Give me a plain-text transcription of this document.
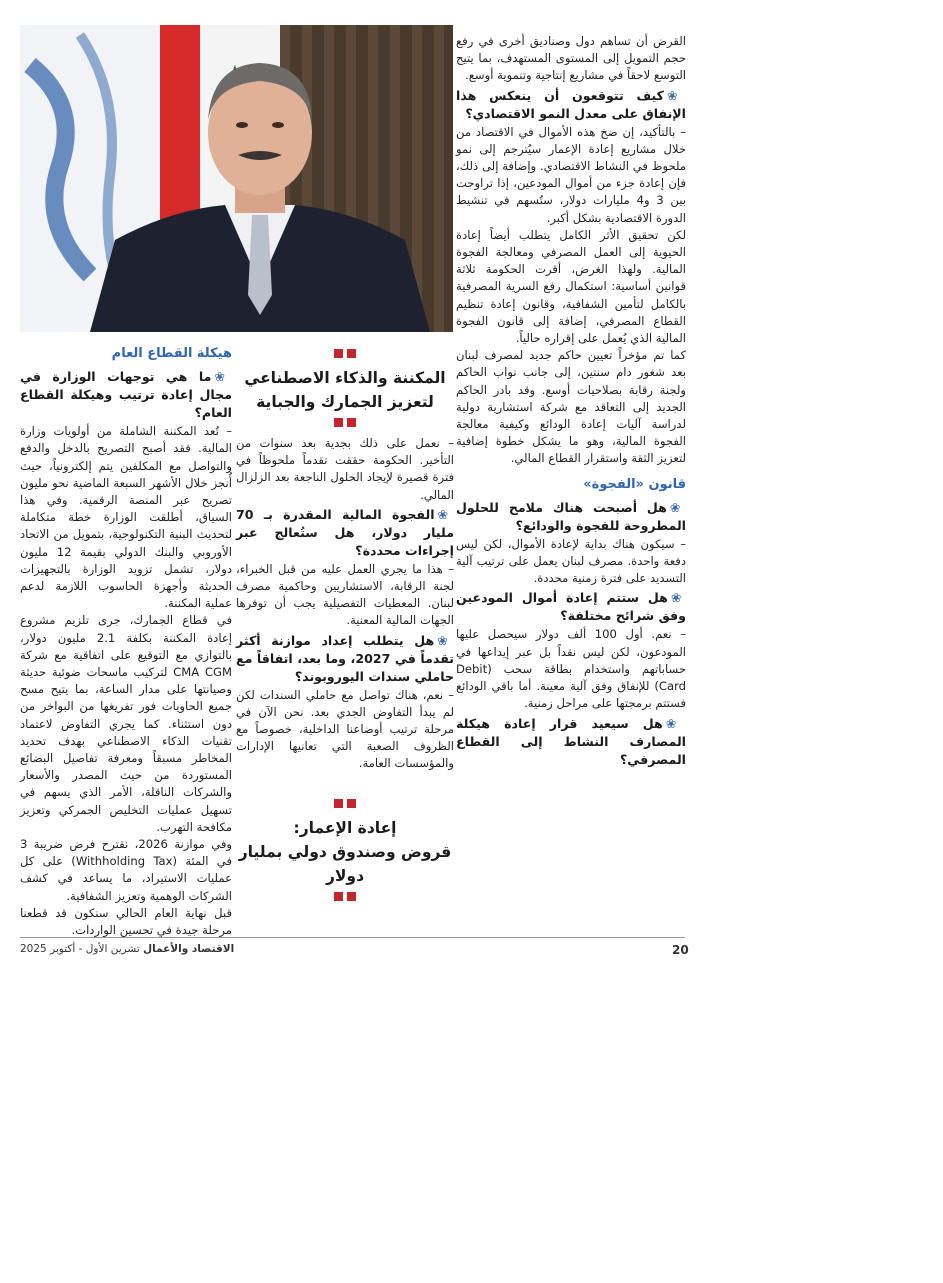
القرض أن تساهم دول وصناديق أخرى في رفع حجم التمويل إلى المستوى المستهدف، بما يتيح التوسع لاحقاً في مشاريع إنتاجية وتنموية أوسع.

❀كيف تتوقعون أن ينعكس هذا الإنفاق على معدل النمو الاقتصادي؟

– بالتأكيد، إن ضخ هذه الأموال في الاقتصاد من خلال مشاريع إعادة الإعمار سيُترجم إلى نمو ملحوظ في النشاط الاقتصادي. وإضافة إلى ذلك، فإن إعادة جزء من أموال المودعين، إذا تراوحت بين 3 و4 مليارات دولار، ستُسهم في تنشيط الدورة الاقتصادية بشكل أكبر.

لكن تحقيق الأثر الكامل يتطلب أيضاً إعادة الحيوية إلى العمل المصرفي ومعالجة الفجوة المالية. ولهذا الغرض، أقرت الحكومة ثلاثة قوانين أساسية: استكمال رفع السرية المصرفية بالكامل لتأمين الشفافية، وقانون إعادة تنظيم القطاع المصرفي، إضافة إلى قانون الفجوة المالية الذي يُعمل على إقراره حالياً.

كما تم مؤخراً تعيين حاكم جديد لمصرف لبنان بعد شغور دام سنتين، إلى جانب نواب الحاكم ولجنة رقابة بصلاحيات أوسع. وقد بادر الحاكم الجديد إلى التعاقد مع شركة استشارية دولية لدراسة آليات إعادة الودائع وكيفية معالجة الفجوة المالية، وهو ما يشكل خطوة إضافية لتعزيز الثقة واستقرار القطاع المالي.

قانون «الفجوة»
❀هل أصبحت هناك ملامح للحلول المطروحة للفجوة والودائع؟

– سيكون هناك بداية لإعادة الأموال، لكن ليس دفعة واحدة. مصرف لبنان يعمل على ترتيب آلية التسديد على فترة زمنية محددة.

❀هل ستتم إعادة أموال المودعين وفق شرائح مختلفة؟

– نعم. أول 100 ألف دولار سيحصل عليها المودعون، لكن ليس نقداً بل عبر إيداعها في حساباتهم واستخدام بطاقة سحب (Debit Card) للإنفاق وفق آلية معينة. أما باقي الودائع فستتم برمجتها على مراحل زمنية.

❀هل سيعيد قرار إعادة هيكلة المصارف النشاط إلى القطاع المصرفي؟
المكننة والذكاء الاصطناعي لتعزيز الجمارك والجباية

– نعمل على ذلك بجدية بعد سنوات من التأخير. الحكومة حققت تقدماً ملحوظاً في فترة قصيرة لإيجاد الحلول الناجعة بعد الزلزال المالي.

❀الفجوة المالية المقدرة بـ 70 مليار دولار، هل ستُعالج عبر إجراءات محددة؟

– هذا ما يجري العمل عليه من قبل الخبراء، لجنة الرقابة، الاستشاريين وحاكمية مصرف لبنان. المعطيات التفصيلية يجب أن توفرها الجهات المالية المعنية.

❀هل يتطلب إعداد موازنة أكثر تقدماً في 2027، وما بعد، اتفاقاً مع حاملي سندات اليوروبوند؟

– نعم، هناك تواصل مع حاملي السندات لكن لم يبدأ التفاوض الجدي بعد. نحن الآن في مرحلة ترتيب أوضاعنا الداخلية، خصوصاً مع الظروف الصعبة التي تعانيها الإدارات والمؤسسات العامة.

إعادة الإعمار:
قروض وصندوق دولي بمليار دولار
هيكلة القطاع العام
❀ما هي توجهات الوزارة في مجال إعادة ترتيب وهيكلة القطاع العام؟

– تُعد المكننة الشاملة من أولويات وزارة المالية. فقد أصبح التصريح بالدخل والدفع والتواصل مع المكلفين يتم إلكترونياً، حيث أُنجز خلال الأشهر السبعة الماضية نحو مليون تصريح عبر المنصة الرقمية. وفي هذا السياق، أطلقت الوزارة خطة متكاملة لتحديث البنية التكنولوجية، بتمويل من الاتحاد الأوروبي والبنك الدولي بقيمة 12 مليون دولار، تشمل تزويد الوزارة بالتجهيزات الحديثة وأجهزة الحاسوب اللازمة لدعم عملية المكننة.

في قطاع الجمارك، جرى تلزيم مشروع إعادة المكننة بكلفة 2.1 مليون دولار، بالتوازي مع التوقيع على اتفاقية مع شركة CMA CGM لتركيب ماسحات ضوئية حديثة وصيانتها على مدار الساعة، بما يتيح مسح جميع الحاويات فور تفريغها من البواخر من دون استثناء. كما يجري التفاوض لاعتماد تقنيات الذكاء الاصطناعي بهدف تحديد المخاطر مسبقاً ومعرفة تفاصيل البضائع المستوردة من حيث المصدر والأسعار والشركات الناقلة، الأمر الذي يسهم في تسهيل عمليات التخليص الجمركي وتعزيز مكافحة التهرب.

وفي موازنة 2026، نقترح فرض ضريبة 3 في المئة (Withholding Tax) على كل عمليات الاستيراد، ما يساعد في كشف الشركات الوهمية وتعزيز الشفافية.

قبل نهاية العام الحالي سنكون قد قطعنا مرحلة جيدة في تحسين الواردات.

الاقتصاد والأعمال تشرين الأول - أكتوبر 2025	20
